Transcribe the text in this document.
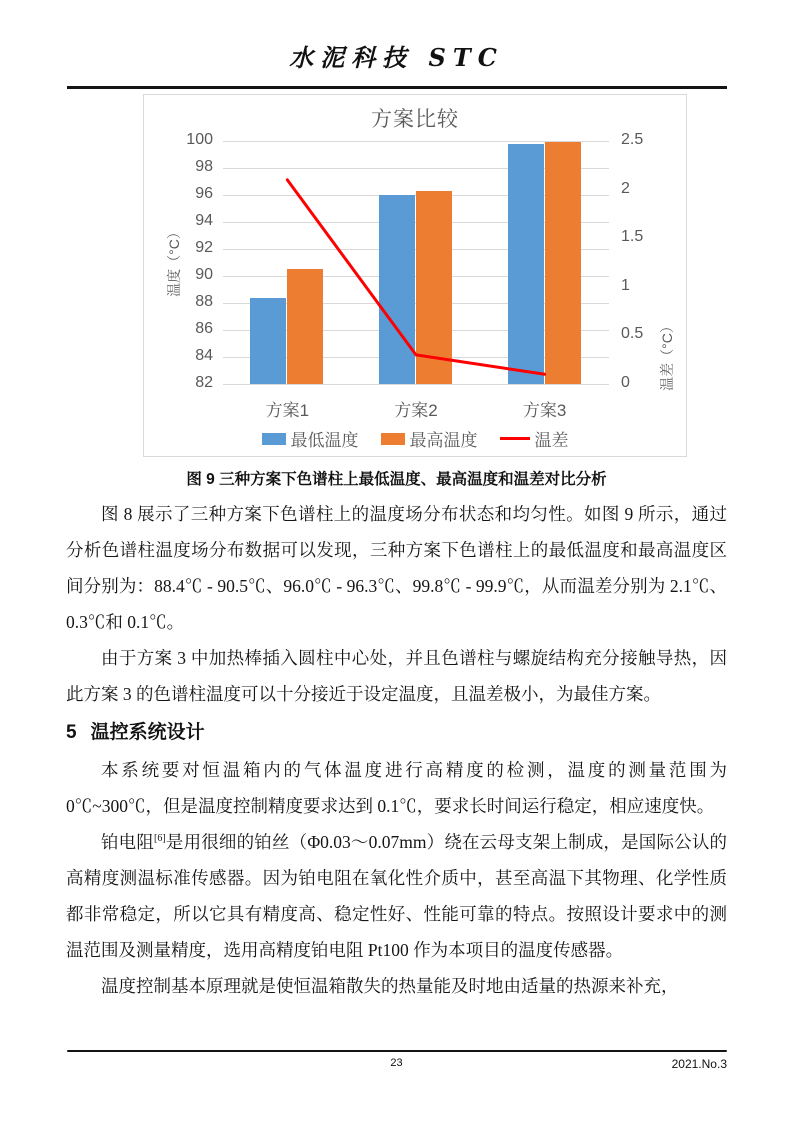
水泥科技 STC
方案比较
温度（°C）
温差（°C）
最低温度	最高温度	温差
82
84
86
88
90
92
94
96
98
100
0
0.5
1
1.5
2
2.5
方案1	方案2	方案3
图 9 三种方案下色谱柱上最低温度、最高温度和温差对比分析

图 8 展示了三种方案下色谱柱上的温度场分布状态和均匀性。如图 9 所示，通过分析色谱柱温度场分布数据可以发现，三种方案下色谱柱上的最低温度和最高温度区间分别为：88.4℃ - 90.5℃、96.0℃ - 96.3℃、99.8℃ - 99.9℃，从而温差分别为 2.1℃、0.3℃和 0.1℃。

由于方案 3 中加热棒插入圆柱中心处，并且色谱柱与螺旋结构充分接触导热，因此方案 3 的色谱柱温度可以十分接近于设定温度，且温差极小，为最佳方案。

5 温控系统设计

本系统要对恒温箱内的气体温度进行高精度的检测，温度的测量范围为 0℃~300℃，但是温度控制精度要求达到 0.1℃，要求长时间运行稳定，相应速度快。

铂电阻[6]是用很细的铂丝（Φ0.03～0.07mm）绕在云母支架上制成，是国际公认的高精度测温标准传感器。因为铂电阻在氧化性介质中，甚至高温下其物理、化学性质都非常稳定，所以它具有精度高、稳定性好、性能可靠的特点。按照设计要求中的测温范围及测量精度，选用高精度铂电阻 Pt100 作为本项目的温度传感器。

温度控制基本原理就是使恒温箱散失的热量能及时地由适量的热源来补充，

23	2021.No.3
